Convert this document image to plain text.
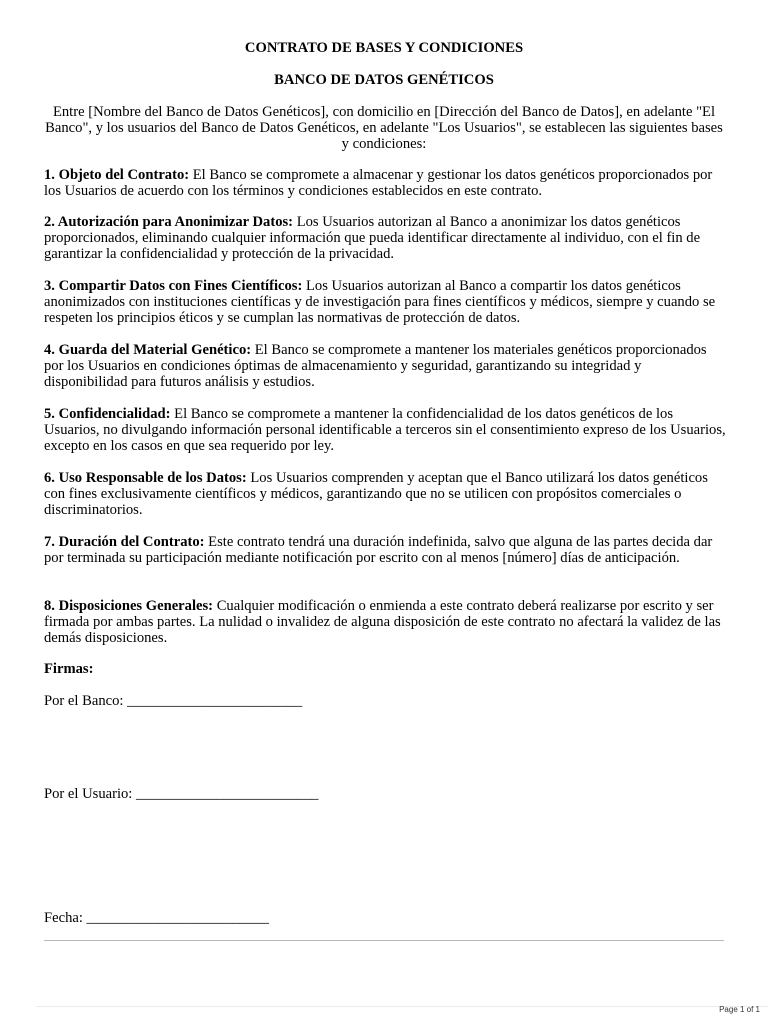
CONTRATO DE BASES Y CONDICIONES
BANCO DE DATOS GENÉTICOS
Entre [Nombre del Banco de Datos Genéticos], con domicilio en [Dirección del Banco de Datos], en adelante "El Banco", y los usuarios del Banco de Datos Genéticos, en adelante "Los Usuarios", se establecen las siguientes bases y condiciones:
1. Objeto del Contrato: El Banco se compromete a almacenar y gestionar los datos genéticos proporcionados por los Usuarios de acuerdo con los términos y condiciones establecidos en este contrato.
2. Autorización para Anonimizar Datos: Los Usuarios autorizan al Banco a anonimizar los datos genéticos proporcionados, eliminando cualquier información que pueda identificar directamente al individuo, con el fin de garantizar la confidencialidad y protección de la privacidad.
3. Compartir Datos con Fines Científicos: Los Usuarios autorizan al Banco a compartir los datos genéticos anonimizados con instituciones científicas y de investigación para fines científicos y médicos, siempre y cuando se respeten los principios éticos y se cumplan las normativas de protección de datos.
4. Guarda del Material Genético: El Banco se compromete a mantener los materiales genéticos proporcionados por los Usuarios en condiciones óptimas de almacenamiento y seguridad, garantizando su integridad y disponibilidad para futuros análisis y estudios.
5. Confidencialidad: El Banco se compromete a mantener la confidencialidad de los datos genéticos de los Usuarios, no divulgando información personal identificable a terceros sin el consentimiento expreso de los Usuarios, excepto en los casos en que sea requerido por ley.
6. Uso Responsable de los Datos: Los Usuarios comprenden y aceptan que el Banco utilizará los datos genéticos con fines exclusivamente científicos y médicos, garantizando que no se utilicen con propósitos comerciales o discriminatorios.
7. Duración del Contrato: Este contrato tendrá una duración indefinida, salvo que alguna de las partes decida dar por terminada su participación mediante notificación por escrito con al menos [número] días de anticipación.
8. Disposiciones Generales: Cualquier modificación o enmienda a este contrato deberá realizarse por escrito y ser firmada por ambas partes. La nulidad o invalidez de alguna disposición de este contrato no afectará la validez de las demás disposiciones.
Firmas:
Por el Banco: ________________________
Por el Usuario: _________________________
Fecha: _________________________
Page 1 of 1
